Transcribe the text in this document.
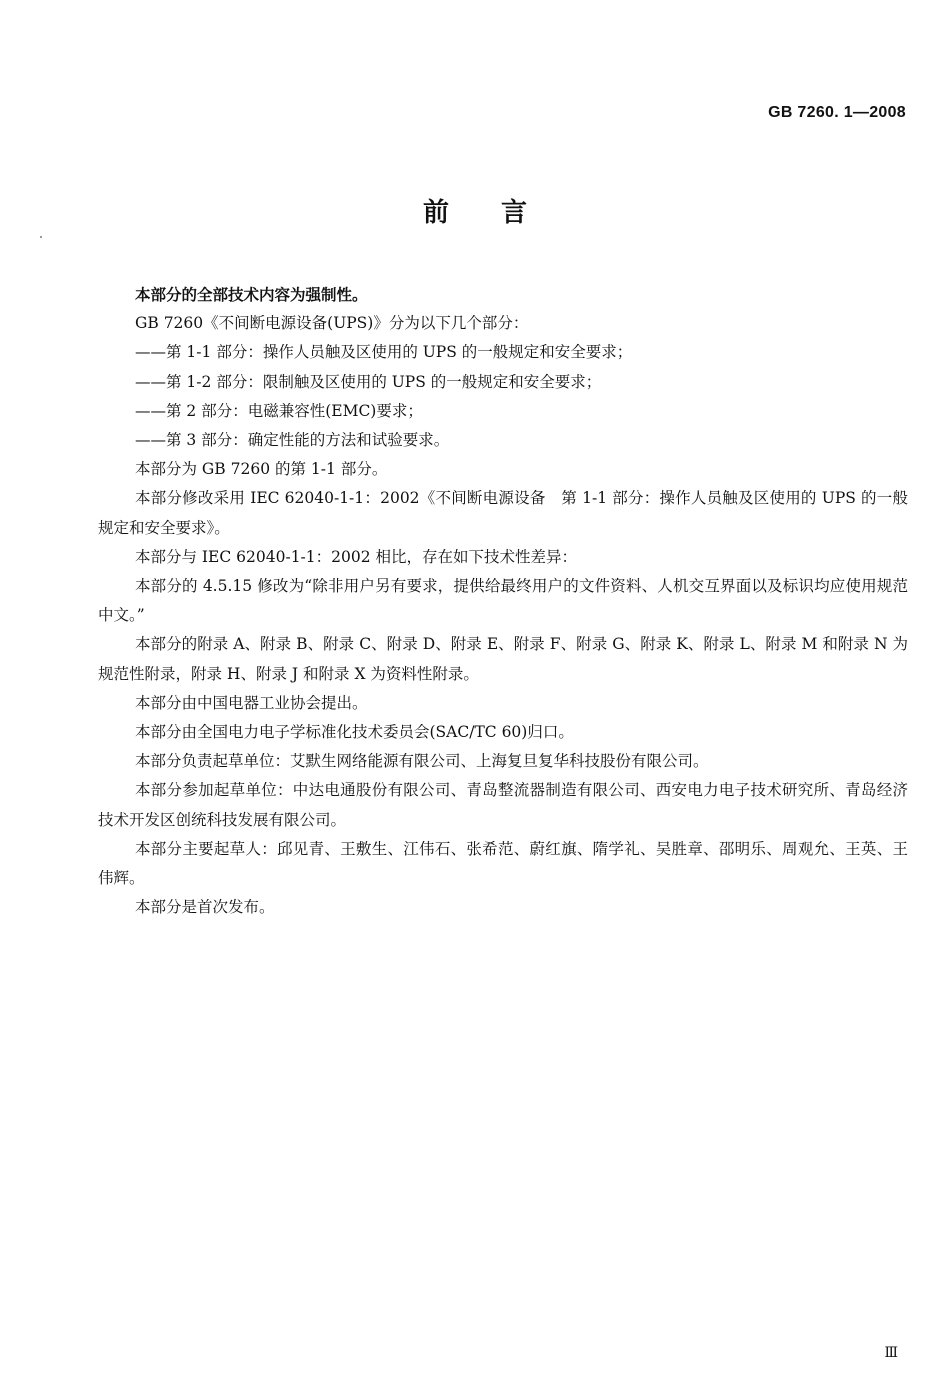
GB 7260. 1—2008
前言

本部分的全部技术内容为强制性。

GB 7260《不间断电源设备(UPS)》分为以下几个部分：

——第 1-1 部分：操作人员触及区使用的 UPS 的一般规定和安全要求；

——第 1-2 部分：限制触及区使用的 UPS 的一般规定和安全要求；

——第 2 部分：电磁兼容性(EMC)要求；

——第 3 部分：确定性能的方法和试验要求。

本部分为 GB 7260 的第 1-1 部分。

本部分修改采用 IEC 62040-1-1：2002《不间断电源设备　第 1-1 部分：操作人员触及区使用的 UPS 的一般规定和安全要求》。

本部分与 IEC 62040-1-1：2002 相比，存在如下技术性差异：

本部分的 4.5.15 修改为“除非用户另有要求，提供给最终用户的文件资料、人机交互界面以及标识均应使用规范中文。”

本部分的附录 A、附录 B、附录 C、附录 D、附录 E、附录 F、附录 G、附录 K、附录 L、附录 M 和附录 N 为规范性附录，附录 H、附录 J 和附录 X 为资料性附录。

本部分由中国电器工业协会提出。

本部分由全国电力电子学标准化技术委员会(SAC/TC 60)归口。

本部分负责起草单位：艾默生网络能源有限公司、上海复旦复华科技股份有限公司。

本部分参加起草单位：中达电通股份有限公司、青岛整流器制造有限公司、西安电力电子技术研究所、青岛经济技术开发区创统科技发展有限公司。

本部分主要起草人：邱见青、王敷生、江伟石、张希范、蔚红旗、隋学礼、吴胜章、邵明乐、周观允、王英、王伟辉。

本部分是首次发布。

Ⅲ
